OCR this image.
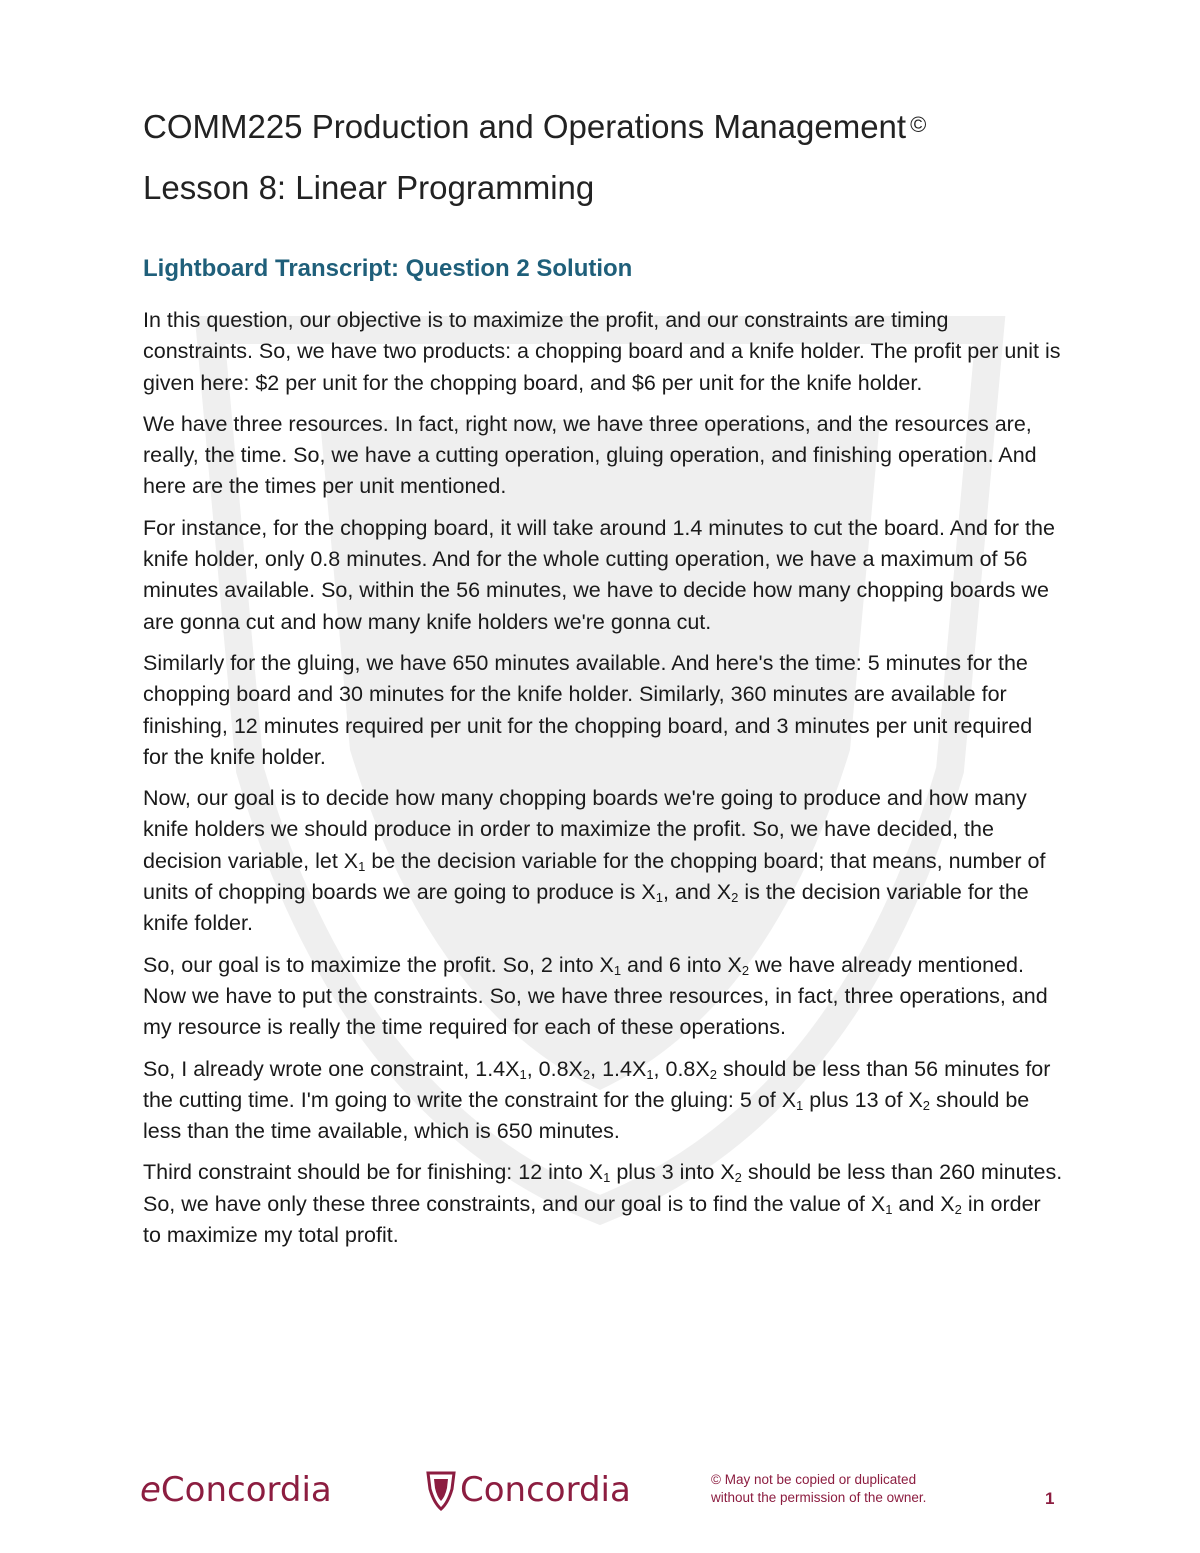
COMM225 Production and Operations Management ©
Lesson 8: Linear Programming
Lightboard Transcript: Question 2 Solution

In this question, our objective is to maximize the profit, and our constraints are timing constraints. So, we have two products: a chopping board and a knife holder. The profit per unit is given here: $2 per unit for the chopping board, and $6 per unit for the knife holder.

We have three resources. In fact, right now, we have three operations, and the resources are, really, the time. So, we have a cutting operation, gluing operation, and finishing operation. And here are the times per unit mentioned.

For instance, for the chopping board, it will take around 1.4 minutes to cut the board. And for the knife holder, only 0.8 minutes. And for the whole cutting operation, we have a maximum of 56 minutes available. So, within the 56 minutes, we have to decide how many chopping boards we are gonna cut and how many knife holders we're gonna cut.

Similarly for the gluing, we have 650 minutes available. And here's the time: 5 minutes for the chopping board and 30 minutes for the knife holder. Similarly, 360 minutes are available for finishing, 12 minutes required per unit for the chopping board, and 3 minutes per unit required for the knife holder.

Now, our goal is to decide how many chopping boards we're going to produce and how many knife holders we should produce in order to maximize the profit. So, we have decided, the decision variable, let $X_1$ be the decision variable for the chopping board; that means, number of units of chopping boards we are going to produce is $X_1$, and $X_2$ is the decision variable for the knife folder.

So, our goal is to maximize the profit. So, 2 into $X_1$ and 6 into $X_2$ we have already mentioned. Now we have to put the constraints. So, we have three resources, in fact, three operations, and my resource is really the time required for each of these operations.

So, I already wrote one constraint, $1.4X_1$, $0.8X_2$, $1.4X_1$, $0.8X_2$ should be less than 56 minutes for the cutting time. I'm going to write the constraint for the gluing: 5 of $X_1$ plus 13 of $X_2$ should be less than the time available, which is 650 minutes.

Third constraint should be for finishing: 12 into $X_1$ plus 3 into $X_2$ should be less than 260 minutes. So, we have only these three constraints, and our goal is to find the value of $X_1$ and $X_2$ in order to maximize my total profit.

eConcordia	Concordia	© May not be copied or duplicated
without the permission of the owner.	1
